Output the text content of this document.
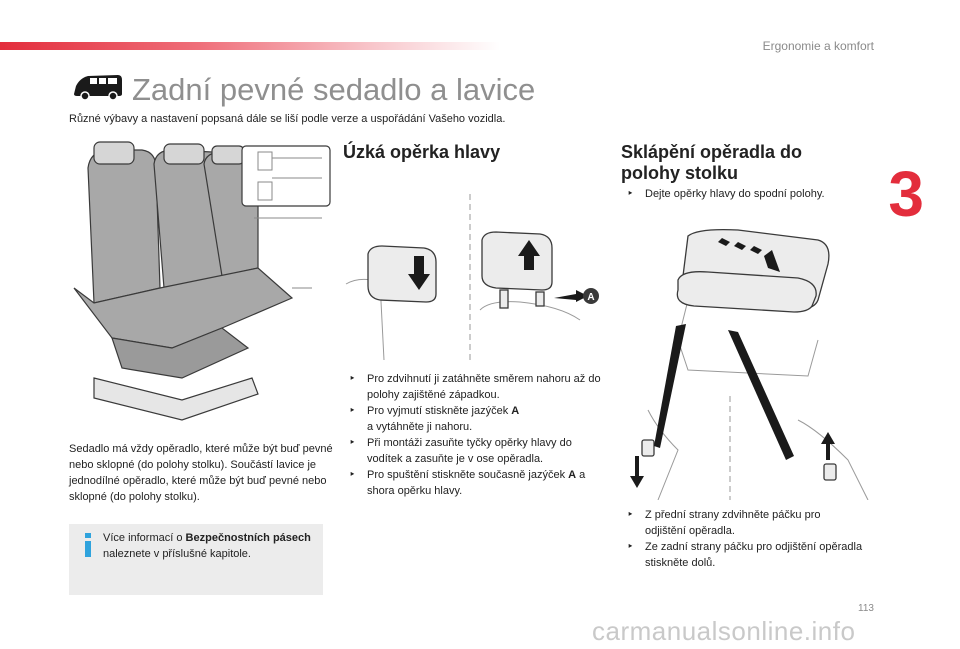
Ergonomie a komfort
3
Zadní pevné sedadlo a lavice

Různé výbavy a nastavení popsaná dále se liší podle verze a uspořádání Vašeho vozidla.

A
Úzká opěrka hlavy
‣ Pro zdvihnutí ji zatáhněte směrem nahoru až do polohy zajištěné západkou.
‣ Pro vyjmutí stiskněte jazýček A
a vytáhněte ji nahoru.
‣ Při montáži zasuňte tyčky opěrky hlavy do vodítek a zasuňte je v ose opěradla.
‣ Pro spuštění stiskněte současně jazýček A a shora opěrku hlavy.
Sklápění opěradla do polohy stolku
‣ Dejte opěrky hlavy do spodní polohy.
‣ Z přední strany zdvihněte páčku pro odjištění opěradla.
‣ Ze zadní strany páčku pro odjištění opěradla stiskněte dolů.

Sedadlo má vždy opěradlo, které může být buď pevné nebo sklopné (do polohy stolku). Součástí lavice je jednodílné opěradlo, které může být buď pevné nebo sklopné (do polohy stolku).

Více informací o Bezpečnostních pásech naleznete v příslušné kapitole.

113
carmanualsonline.info
